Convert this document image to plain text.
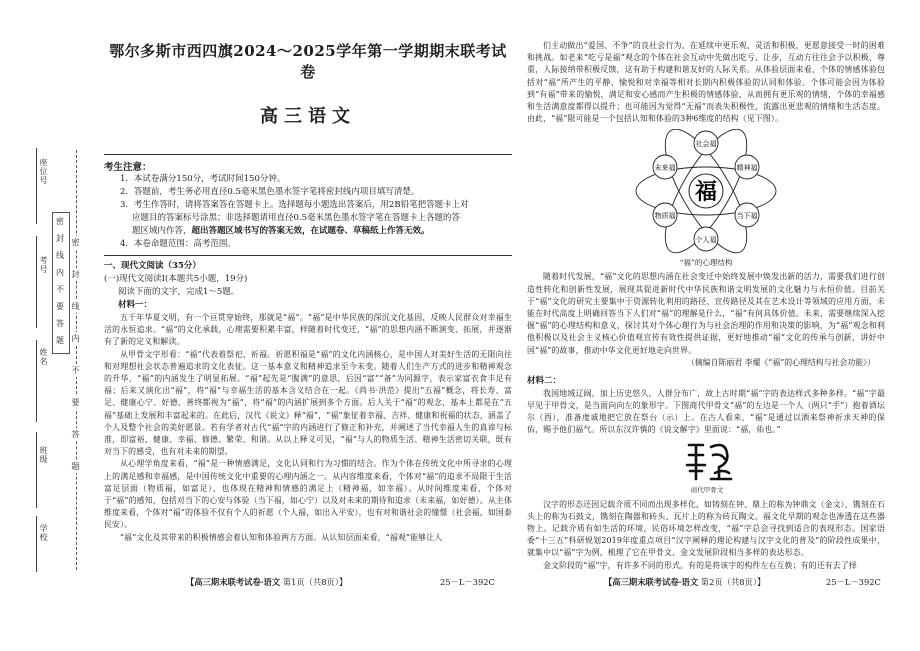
座位号
考号
姓名
班级
学校
密
封
线
内
不
要
答
题
密
封
线
内
不
要
答
题
鄂尔多斯市西四旗2024～2025学年第一学期期末联考试卷
高三语文
考生注意：
1．本试卷满分150分，考试时间150分钟。
2．答题前，考生务必用直径0.5毫米黑色墨水签字笔将密封线内项目填写清楚。
3．考生作答时，请将答案答在答题卡上。选择题每小题选出答案后，用2B铅笔把答题卡上对
应题目的答案标号涂黑；非选择题请用直径0.5毫米黑色墨水签字笔在答题卡上各题的答
题区域内作答，超出答题区域书写的答案无效，在试题卷、草稿纸上作答无效。
4．本卷命题范围：高考范围。
一、现代文阅读（35分）
(一)现代文阅读Ⅰ(本题共5小题，19分)
阅读下面的文字，完成1～5题。
材料一：
五千年华夏文明，有一个亘贯穿始终，那就是“福”。“福”是中华民族的深沉文化基因，反映人民群众对幸福生活的永恒追求。“福”的文化承载，心理需要积累丰富，样随着时代变迁，“福”的思想内涵不断演变、拓展，并逐渐有了新的定义和解读。
从甲骨文字形看：“福”代表着祭祀、祈福。祈愿积福是“福”的文化内涵核心，是中国人对美好生活的无限向往和对理想社会状态普遍追求的文化表征。这一基本意义和精神追求至今未变。随着人们生产方式的进步和精神观念的升华，“福”的内涵发生了明显拓展。“福”起先是“腹满”的意思，后因“富”“备”为同源字，表示家富衣食丰足有福；后来又演化出“福”，将“福”与幸福生活的基本含义结合在一起。《尚书·洪范》提出“五福”概念，将长寿、富足、健康心宁、好德、善终都视为“福”，将“福”的内涵扩展到多个方面。后人关于“福”的观念，基本上都是在“五福”基础上发展和丰富起来的。在此后，汉代《说文》释“福”，“福”象征着幸福、吉祥、健康和祝福的状态，涵盖了个人及整个社会的美好愿景。若有学者对古代“福”字的内涵进行了修正和补充，并阐述了当代幸福人生的真谛与标准，即富裕、健康、幸福、修德、繁荣、和谐。从以上释义可见，“福”与人的物质生活、精神生活密切关联，既有对当下的感受，也有对未来的期望。
从心理学角度来看，“福”是一种情感满足，文化认同和行为习惯的结合。作为个体在传统文化中所寻求的心理上的满足感和幸福感，是中国传统文化中重要的心理内涵之一。从内容维度来看，个体对“福”的追求不局限于生活富足层面（物质福，如富足），也体现在精神和情感的满足上（精神福，如幸福）。从时间维度来看，个体对于“福”的感知，包括对当下的心安与体验（当下福，如心宁）以及对未来的期待和追求（未来福，如好德）。从主体维度来看，个体对“福”的体验不仅有个人的祈愿（个人福，如出入平安），也有对和谐社会的憧憬（社会福，如国泰民安）。
“福”文化及其带来的积极情感会着认知和体验两方方面。从认知层面来看，“福观”能够让人
们主动做出“爱国、不争”的良社会行为，在延续中更乐观、灵活和积极，更愿意接受一时的困难和挑战。如老来“吃亏是福”观念的个体在社会互动中先做出吃亏、让步，互动方往往会予以积极、尊重，人际接纳带积极反馈，这有助于构建和谐友好的人际关系。从体验层面来看，个体的情感体验包括对“福”所产生的平静、愉悦和对幸福等相对长期内积极体验的认同和体验。个体可能会因为体验到“有福”带来的愉悦，满足和安心感而产生积极的情感体验，从而拥有更乐观的情绪，个体的幸福感和生活满意度都得以提升；也可能因为觉得“无福”而表失积极性，流露出更悲观的情绪和生活态度。由此，“福”限可能是一个包括认知和体验的3种6维度的结构（见下图）。
福
社会福
未来福	精神福
物质福	当下福
个人福
“福”的心理结构
随着时代发展，“福”文化的思想内涵在社会变迁中始终发展中焕发出新的活力，需要我们进行创造性转化和创新性发展，展现其促进新时代中华民族和谐文明发展的文化魅力与永恒价值。目前关于“福”文化的研究主要集中于资源转化利用的路径、宣传路径及其在艺术设计等领域的应用方面，未能在时代高度上明确回答当下人们对“福”的理解是什么，“福”有何具体价值。未来，需要继续深入挖掘“福”的心理结构和意义，探讨其对个体心理行为与社会治理的作用和决策的影响，为“福”观念和利他积极以及社会主义核心价值观宣传有效性提供证据，更好地推动“福”文化的传承与创新，讲好中国“福”的故事，推动中华文化更好地走向世界。
（摘编自陈丽君 李燿《“福”的心理结构与社会功能》）
材料二：
我国地域辽阔，加上历史悠久，人群分布广，故上古时期“福”字的表达样式多种多样。“福”字最早见于甲骨文，是当面向向左的象形字。下图商代甲骨文“福”的左边是一个人（两只“手”）抱着酒坛尔（酉），准备虔诚地把它放在祭台（示）上。在古人看来，“福”是通过以酒来祭神祈求天神的保佑，赐予他们福气。所以东汉许慎的《说文解字》里面说：“福，佑也。”
商代甲骨文
汉字的形态还因记载介质不同而出现多样化，如铸刻在钟、鼎上的称为钟鼎文（金文），镌刻在石头上的称为石鼓文，镌刻在陶器和砖头、瓦片上的称为砖瓦陶文。福文化早期的观念也渗透在这些器物上。记载介质有如生活的环境，民俗环境怎样改变，“福”字总会寻找到适合的表现形态。国家语委“十三五”科研规划2019年度重点项目“汉字阐释的理论构建与汉字文化的普及”的阶段性成果中，就集中以“福”字为例，梳理了它在甲骨文、金文发展阶段相当多样的表达形态。
金文阶段的“福”字，有许多不同的形式。有的是将该字的构件左右互换；有的还有去了择
【高三期末联考试卷·语文 第1页（共8页）】	25－L－392C	【高三期末联考试卷·语文 第2页（共8页）】	25－L－392C
